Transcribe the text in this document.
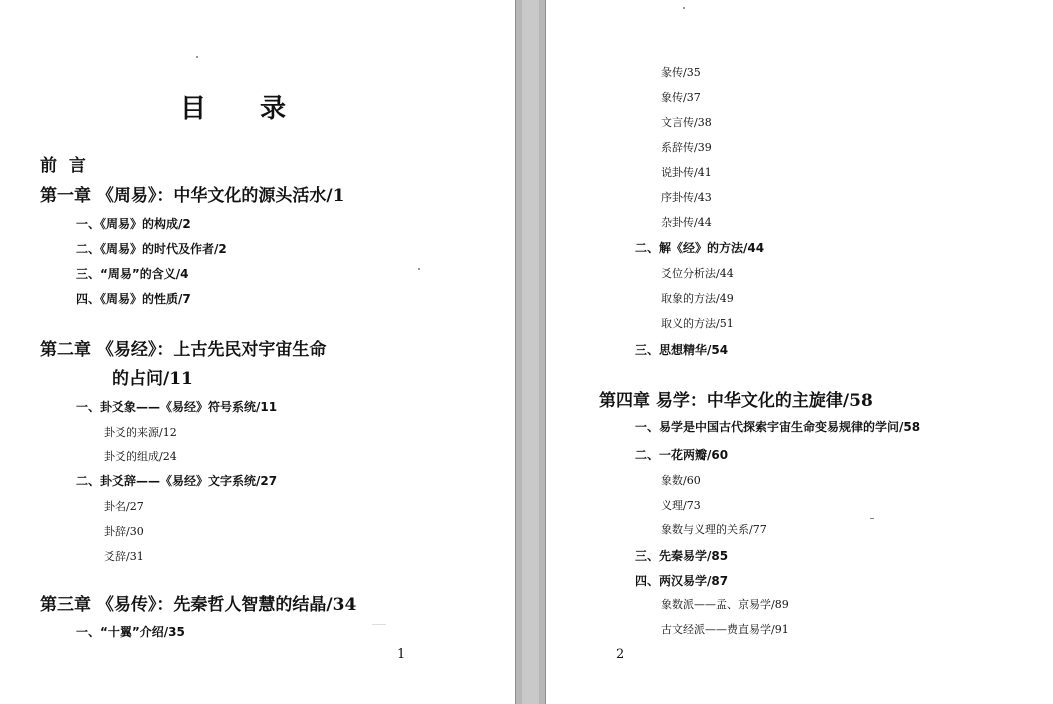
目 录
前  言
第一章 《周易》：中华文化的源头活水/1
一、《周易》的构成/2
二、《周易》的时代及作者/2
三、“周易”的含义/4
四、《周易》的性质/7
第二章 《易经》：上古先民对宇宙生命
的占问/11
一、卦爻象——《易经》符号系统/11
卦爻的来源/12
卦爻的组成/24
二、卦爻辞——《易经》文字系统/27
卦名/27
卦辞/30
爻辞/31
第三章 《易传》：先秦哲人智慧的结晶/34
一、“十翼”介绍/35
1
彖传/35
象传/37
文言传/38
系辞传/39
说卦传/41
序卦传/43
杂卦传/44
二、解《经》的方法/44
爻位分析法/44
取象的方法/49
取义的方法/51
三、思想精华/54
第四章 易学：中华文化的主旋律/58
一、易学是中国古代探索宇宙生命变易规律的学问/58
二、一花两瓣/60
象数/60
义理/73
象数与义理的关系/77
三、先秦易学/85
四、两汉易学/87
象数派——孟、京易学/89
古文经派——费直易学/91
2
